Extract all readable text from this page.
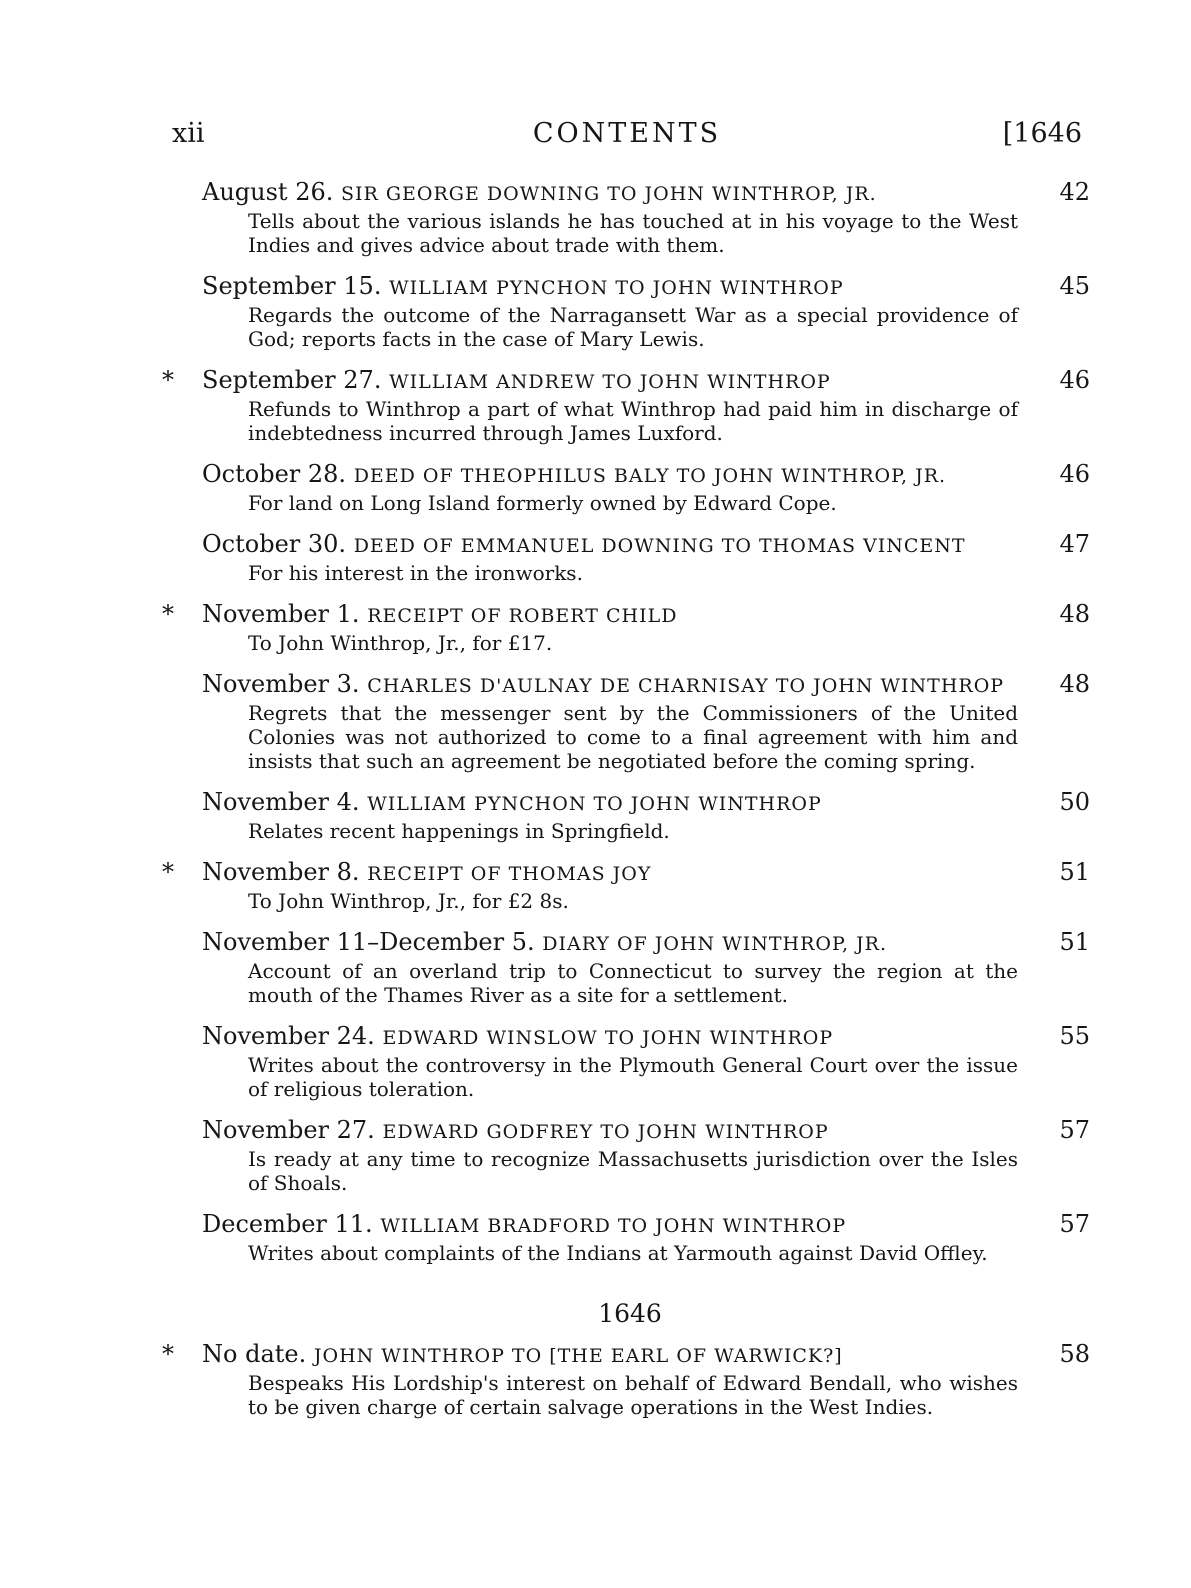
xii	CONTENTS	[1646
August 26. SIR GEORGE DOWNING TO JOHN WINTHROP, JR.	42
Tells about the various islands he has touched at in his voyage to the West Indies and gives advice about trade with them.
September 15. WILLIAM PYNCHON TO JOHN WINTHROP	45
Regards the outcome of the Narragansett War as a special providence of God; reports facts in the case of Mary Lewis.
*	September 27. WILLIAM ANDREW TO JOHN WINTHROP	46
Refunds to Winthrop a part of what Winthrop had paid him in discharge of indebtedness incurred through James Luxford.
October 28. DEED OF THEOPHILUS BALY TO JOHN WINTHROP, JR.	46
For land on Long Island formerly owned by Edward Cope.
October 30. DEED OF EMMANUEL DOWNING TO THOMAS VINCENT	47
For his interest in the ironworks.
*	November 1. RECEIPT OF ROBERT CHILD	48
To John Winthrop, Jr., for £17.
November 3. CHARLES D'AULNAY DE CHARNISAY TO JOHN WINTHROP	48
Regrets that the messenger sent by the Commissioners of the United Colonies was not authorized to come to a final agreement with him and insists that such an agreement be negotiated before the coming spring.
November 4. WILLIAM PYNCHON TO JOHN WINTHROP	50
Relates recent happenings in Springfield.
*	November 8. RECEIPT OF THOMAS JOY	51
To John Winthrop, Jr., for £2 8s.
November 11–December 5. DIARY OF JOHN WINTHROP, JR.	51
Account of an overland trip to Connecticut to survey the region at the mouth of the Thames River as a site for a settlement.
November 24. EDWARD WINSLOW TO JOHN WINTHROP	55
Writes about the controversy in the Plymouth General Court over the issue of religious toleration.
November 27. EDWARD GODFREY TO JOHN WINTHROP	57
Is ready at any time to recognize Massachusetts jurisdiction over the Isles of Shoals.
December 11. WILLIAM BRADFORD TO JOHN WINTHROP	57
Writes about complaints of the Indians at Yarmouth against David Offley.
1646
*	No date. JOHN WINTHROP TO [THE EARL OF WARWICK?]	58
Bespeaks His Lordship's interest on behalf of Edward Bendall, who wishes to be given charge of certain salvage operations in the West Indies.
